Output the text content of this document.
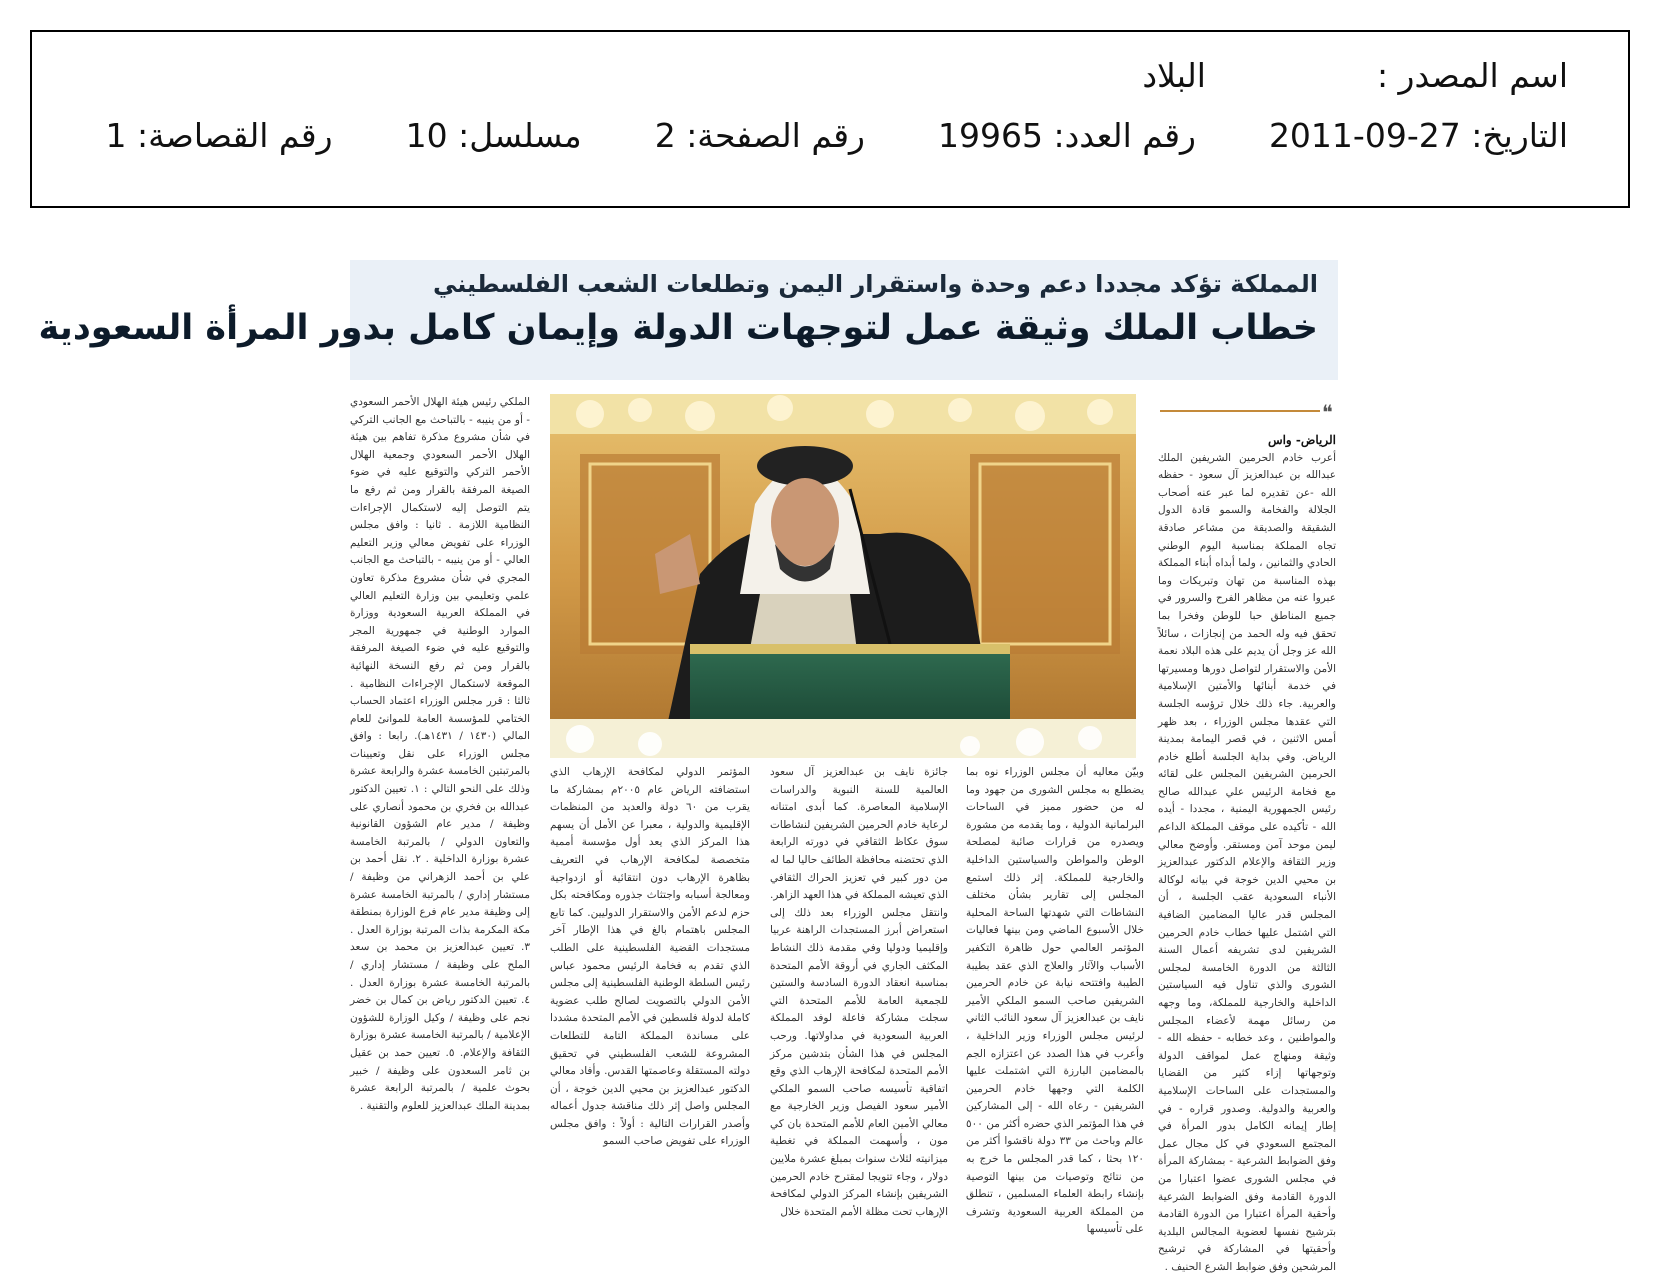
اسم المصدر :  البلاد
التاريخ: 2011-09-27  رقم العدد: 19965  رقم الصفحة: 2  مسلسل: 10  رقم القصاصة: 1
المملكة تؤكد مجددا دعم وحدة واستقرار اليمن وتطلعات الشعب الفلسطيني
خطاب الملك وثيقة عمل لتوجهات الدولة وإيمان كامل بدور المرأة السعودية
❝

الرياض- واس

أعرب خادم الحرمين الشريفين الملك عبدالله بن عبدالعزيز آل سعود - حفظه الله -عن تقديره لما عبر عنه أصحاب الجلالة والفخامة والسمو قادة الدول الشقيقة والصديقة من مشاعر صادقة تجاه المملكة بمناسبة اليوم الوطني الحادي والثمانين ، ولما أبداه أبناء المملكة بهذه المناسبة من تهان وتبريكات وما عبروا عنه من مظاهر الفرح والسرور في جميع المناطق حبا للوطن وفخرا بما تحقق فيه وله الحمد من إنجازات ، سائلاً الله عز وجل أن يديم على هذه البلاد نعمة الأمن والاستقرار لتواصل دورها ومسيرتها في خدمة أبنائها والأمتين الإسلامية والعربية. جاء ذلك خلال ترؤسه الجلسة التي عقدها مجلس الوزراء ، بعد ظهر أمس الاثنين ، في قصر اليمامة بمدينة الرياض. وفي بداية الجلسة أطلع خادم الحرمين الشريفين المجلس على لقائه مع فخامة الرئيس علي عبدالله صالح رئيس الجمهورية اليمنية ، مجددا - أيده الله - تأكيده على موقف المملكة الداعم ليمن موحد آمن ومستقر. وأوضح معالي وزير الثقافة والإعلام الدكتور عبدالعزيز بن محيي الدين خوجة في بيانه لوكالة الأنباء السعودية عقب الجلسة ، أن المجلس قدر عاليا المضامين الضافية التي اشتمل عليها خطاب خادم الحرمين الشريفين لدى تشريفه أعمال السنة الثالثة من الدورة الخامسة لمجلس الشورى والذي تناول فيه السياستين الداخلية والخارجية للمملكة، وما وجهه من رسائل مهمة لأعضاء المجلس والمواطنين ، وعد خطابه - حفظه الله - وثيقة ومنهاج عمل لمواقف الدولة وتوجهاتها إزاء كثير من القضايا والمستجدات على الساحات الإسلامية والعربية والدولية. وصدور قراره - في إطار إيمانه الكامل بدور المرأة في المجتمع السعودي في كل مجال عمل وفق الضوابط الشرعية - بمشاركة المرأة في مجلس الشورى عضوا اعتبارا من الدورة القادمة وفق الضوابط الشرعية وأحقية المرأة اعتبارا من الدورة القادمة بترشيح نفسها لعضوية المجالس البلدية وأحقيتها في المشاركة في ترشيح المرشحين وفق ضوابط الشرع الحنيف .

وبيّن معاليه أن مجلس الوزراء نوه بما يضطلع به مجلس الشورى من جهود وما له من حضور مميز في الساحات البرلمانية الدولية ، وما يقدمه من مشورة ويصدره من قرارات صائبة لمصلحة الوطن والمواطن والسياستين الداخلية والخارجية للمملكة. إثر ذلك استمع المجلس إلى تقارير بشأن مختلف النشاطات التي شهدتها الساحة المحلية خلال الأسبوع الماضي ومن بينها فعاليات المؤتمر العالمي حول ظاهرة التكفير الأسباب والآثار والعلاج الذي عقد بطيبة الطيبة وافتتحه نيابة عن خادم الحرمين الشريفين صاحب السمو الملكي الأمير نايف بن عبدالعزيز آل سعود النائب الثاني لرئيس مجلس الوزراء وزير الداخلية ، وأعرب في هذا الصدد عن اعتزازه الجم بالمضامين البارزة التي اشتملت عليها الكلمة التي وجهها خادم الحرمين الشريفين - رعاه الله - إلى المشاركين في هذا المؤتمر الذي حضره أكثر من ٥٠٠ عالم وباحث من ٣٣ دولة ناقشوا أكثر من ١٢٠ بحثا ، كما قدر المجلس ما خرج به من نتائج وتوصيات من بينها التوصية بإنشاء رابطة العلماء المسلمين ، تنطلق من المملكة العربية السعودية وتشرف على تأسيسها

جائزة نايف بن عبدالعزيز آل سعود العالمية للسنة النبوية والدراسات الإسلامية المعاصرة. كما أبدى امتنانه لرعاية خادم الحرمين الشريفين لنشاطات سوق عكاظ الثقافي في دورته الرابعة الذي تحتضنه محافظة الطائف حاليا لما له من دور كبير في تعزيز الحراك الثقافي الذي تعيشه المملكة في هذا العهد الزاهر. وانتقل مجلس الوزراء بعد ذلك إلى استعراض أبرز المستجدات الراهنة عربيا وإقليميا ودوليا وفي مقدمة ذلك النشاط المكثف الجاري في أروقة الأمم المتحدة بمناسبة انعقاد الدورة السادسة والستين للجمعية العامة للأمم المتحدة التي سجلت مشاركة فاعلة لوفد المملكة العربية السعودية في مداولاتها. ورحب المجلس في هذا الشأن بتدشين مركز الأمم المتحدة لمكافحة الإرهاب الذي وقع اتفاقية تأسيسه صاحب السمو الملكي الأمير سعود الفيصل وزير الخارجية مع معالي الأمين العام للأمم المتحدة بان كي مون ، وأسهمت المملكة في تغطية ميزانيته لثلاث سنوات بمبلغ عشرة ملايين دولار ، وجاء تتويجا لمقترح خادم الحرمين الشريفين بإنشاء المركز الدولي لمكافحة الإرهاب تحت مظلة الأمم المتحدة خلال

المؤتمر الدولي لمكافحة الإرهاب الذي استضافته الرياض عام ٢٠٠٥م بمشاركة ما يقرب من ٦٠ دولة والعديد من المنظمات الإقليمية والدولية ، معبرا عن الأمل أن يسهم هذا المركز الذي يعد أول مؤسسة أممية متخصصة لمكافحة الإرهاب في التعريف بظاهرة الإرهاب دون انتقائية أو ازدواجية ومعالجة أسبابه واجتثاث جذوره ومكافحته بكل حزم لدعم الأمن والاستقرار الدوليين. كما تابع المجلس باهتمام بالغ في هذا الإطار آخر مستجدات القضية الفلسطينية على الطلب الذي تقدم به فخامة الرئيس محمود عباس رئيس السلطة الوطنية الفلسطينية إلى مجلس الأمن الدولي بالتصويت لصالح طلب عضوية كاملة لدولة فلسطين في الأمم المتحدة مشددا على مساندة المملكة التامة للتطلعات المشروعة للشعب الفلسطيني في تحقيق دولته المستقلة وعاصمتها القدس. وأفاد معالي الدكتور عبدالعزيز بن محيي الدين خوجة ، أن المجلس واصل إثر ذلك مناقشة جدول أعماله وأصدر القرارات التالية : أولاً : وافق مجلس الوزراء على تفويض صاحب السمو

الملكي رئيس هيئة الهلال الأحمر السعودي - أو من ينيبه - بالتباحث مع الجانب التركي في شأن مشروع مذكرة تفاهم بين هيئة الهلال الأحمر السعودي وجمعية الهلال الأحمر التركي والتوقيع عليه في ضوء الصيغة المرفقة بالقرار ومن ثم رفع ما يتم التوصل إليه لاستكمال الإجراءات النظامية اللازمة . ثانيا : وافق مجلس الوزراء على تفويض معالي وزير التعليم العالي - أو من ينيبه - بالتباحث مع الجانب المجري في شأن مشروع مذكرة تعاون علمي وتعليمي بين وزارة التعليم العالي في المملكة العربية السعودية ووزارة الموارد الوطنية في جمهورية المجر والتوقيع عليه في ضوء الصيغة المرفقة بالقرار ومن ثم رفع النسخة النهائية الموقعة لاستكمال الإجراءات النظامية . ثالثا : قرر مجلس الوزراء اعتماد الحساب الختامي للمؤسسة العامة للموانئ للعام المالي (١٤٣٠ / ١٤٣١هـ). رابعا : وافق مجلس الوزراء على نقل وتعيينات بالمرتبتين الخامسة عشرة والرابعة عشرة وذلك على النحو التالي : ١. تعيين الدكتور عبدالله بن فخري بن محمود أنصاري على وظيفة / مدير عام الشؤون القانونية والتعاون الدولي / بالمرتبة الخامسة عشرة بوزارة الداخلية . ٢. نقل أحمد بن علي بن أحمد الزهراني من وظيفة / مستشار إداري / بالمرتبة الخامسة عشرة إلى وظيفة مدير عام فرع الوزارة بمنطقة مكة المكرمة بذات المرتبة بوزارة العدل . ٣. تعيين عبدالعزيز بن محمد بن سعد الملح على وظيفة / مستشار إداري / بالمرتبة الخامسة عشرة بوزارة العدل . ٤. تعيين الدكتور رياض بن كمال بن خضر نجم على وظيفة / وكيل الوزارة للشؤون الإعلامية / بالمرتبة الخامسة عشرة بوزارة الثقافة والإعلام. ٥. تعيين حمد بن عقيل بن ثامر السعدون على وظيفة / خبير بحوث علمية / بالمرتبة الرابعة عشرة بمدينة الملك عبدالعزيز للعلوم والتقنية .
